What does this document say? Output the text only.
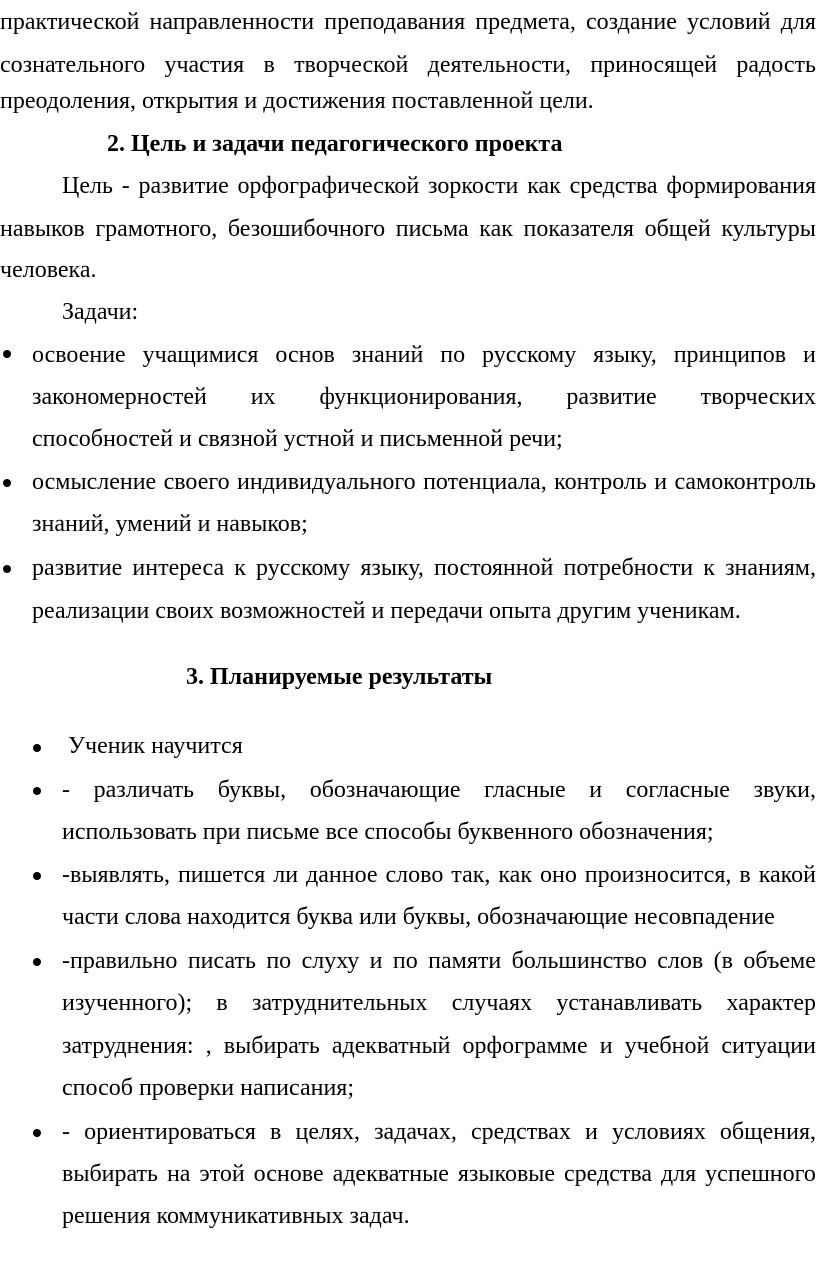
практической направленности преподавания предмета, создание условий для
сознательного участия в творческой деятельности, приносящей радость
преодоления, открытия и достижения поставленной цели.
2. Цель и задачи педагогического проекта
Цель - развитие орфографической зоркости как средства формирования
навыков грамотного, безошибочного письма как показателя общей культуры
человека.
Задачи:
освоение учащимися основ знаний по русскому языку, принципов и
закономерностей их функционирования, развитие творческих
способностей и связной устной и письменной речи;
осмысление своего индивидуального потенциала, контроль и самоконтроль
знаний, умений и навыков;
развитие интереса к русскому языку, постоянной потребности к знаниям,
реализации своих возможностей и передачи опыта другим ученикам.
3. Планируемые результаты
Ученик научится
- различать буквы, обозначающие гласные и согласные звуки,
использовать при письме все способы буквенного обозначения;
-выявлять, пишется ли данное слово так, как оно произносится, в какой
части слова находится буква или буквы, обозначающие несовпадение
-правильно писать по слуху и по памяти большинство слов (в объеме
изученного); в затруднительных случаях устанавливать характер
затруднения: , выбирать адекватный орфограмме и учебной ситуации
способ проверки написания;
- ориентироваться в целях, задачах, средствах и условиях общения,
выбирать на этой основе адекватные языковые средства для успешного
решения коммуникативных задач.
